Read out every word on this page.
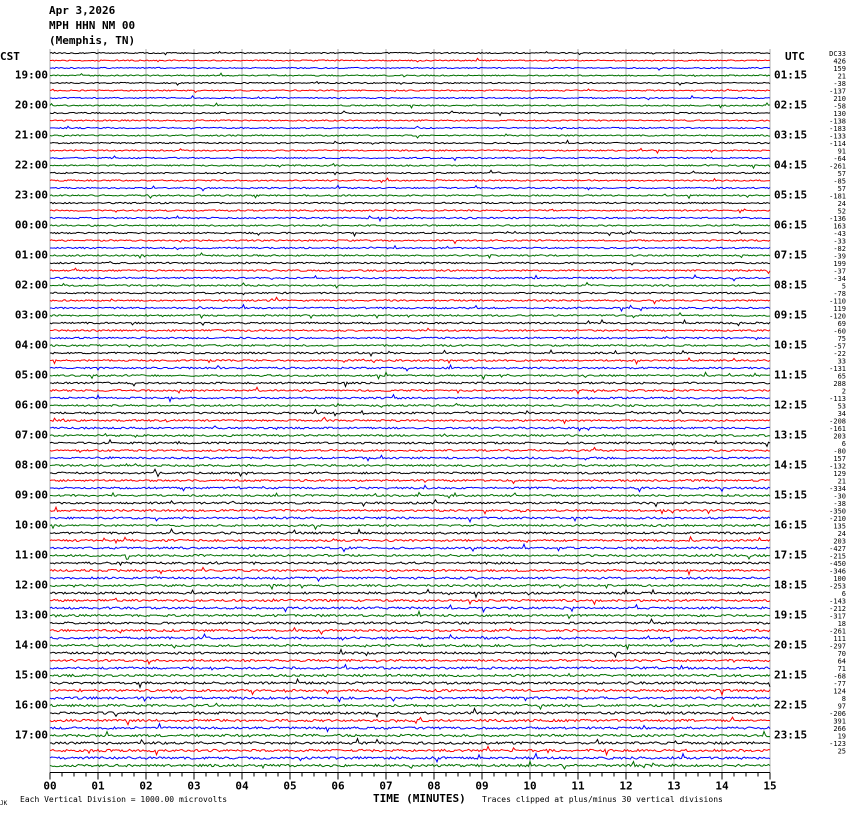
Apr 3,2026
MPH HHN NM 00
(Memphis, TN)
CST	UTC	DC33
426
159
21
-38
-137
210
-58
130
-138
-183
-133
-114
91
-64
-261
57
-85
57
-181
24
52
-136
163
-43
-33
-82
-39
199
-37
-34
5
-78
-110
119
-120
69
-60
75
-57
-22
33
-131
65
288
2
-113
53
34
-208
-161
203
6
-80
157
-132
129
21
-334
-30
-38
-350
-210
135
24
203
-427
-215
-450
-346
100
-253
6
-143
-212
-317
18
-261
111
-297
70
64
71
-68
-77
124
8
97
-206
391
266
19
-123
25
19:00
20:00
21:00
22:00
23:00
00:00
01:00
02:00
03:00
04:00
05:00
06:00
07:00
08:00
09:00
10:00
11:00
12:00
13:00
14:00
15:00
16:00
17:00
01:15
02:15
03:15
04:15
05:15
06:15
07:15
08:15
09:15
10:15
11:15
12:15
13:15
14:15
15:15
16:15
17:15
18:15
19:15
20:15
21:15
22:15
23:15
00	01	02	03	04	05	06	07	08	09	10	11	12	13	14	15
Each Vertical Division = 1000.00 microvolts	TIME (MINUTES) Traces clipped at plus/minus 30 vertical divisions
JK
